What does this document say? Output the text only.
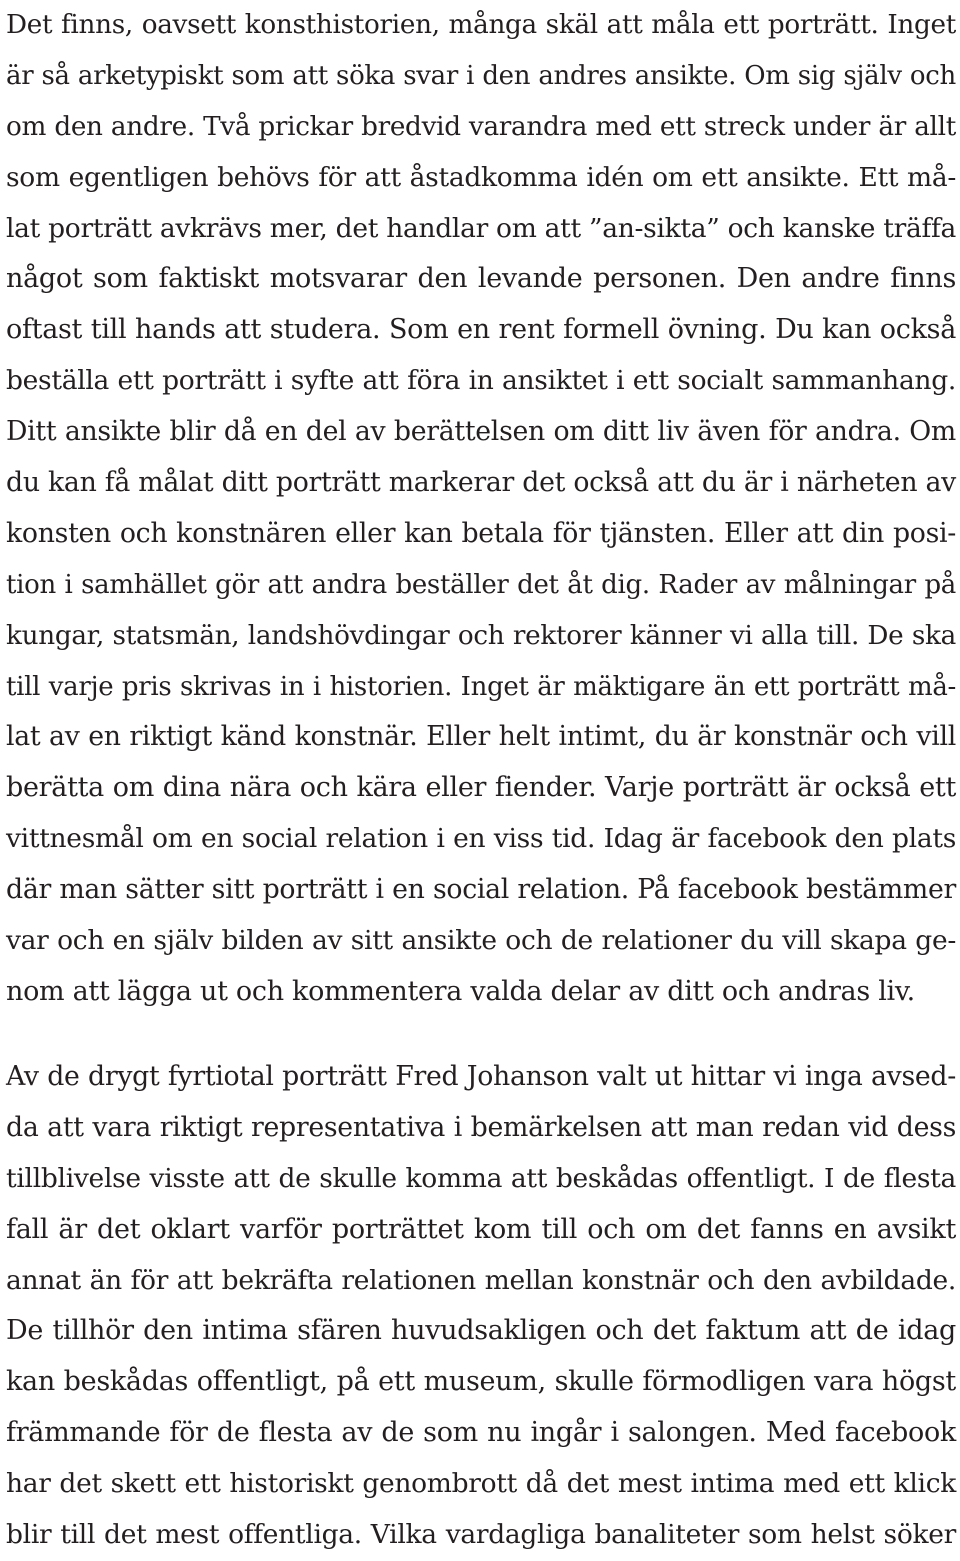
Det finns, oavsett konsthistorien, många skäl att måla ett porträtt. Inget
är så arketypiskt som att söka svar i den andres ansikte. Om sig själv och
om den andre. Två prickar bredvid varandra med ett streck under är allt
som egentligen behövs för att åstadkomma idén om ett ansikte. Ett må-
lat porträtt avkrävs mer, det handlar om att ”an-sikta” och kanske träffa
något som faktiskt motsvarar den levande personen. Den andre finns
oftast till hands att studera. Som en rent formell övning. Du kan också
beställa ett porträtt i syfte att föra in ansiktet i ett socialt sammanhang.
Ditt ansikte blir då en del av berättelsen om ditt liv även för andra. Om
du kan få målat ditt porträtt markerar det också att du är i närheten av
konsten och konstnären eller kan betala för tjänsten. Eller att din posi-
tion i samhället gör att andra beställer det åt dig. Rader av målningar på
kungar, statsmän, landshövdingar och rektorer känner vi alla till. De ska
till varje pris skrivas in i historien. Inget är mäktigare än ett porträtt må-
lat av en riktigt känd konstnär. Eller helt intimt, du är konstnär och vill
berätta om dina nära och kära eller fiender. Varje porträtt är också ett
vittnesmål om en social relation i en viss tid. Idag är facebook den plats
där man sätter sitt porträtt i en social relation. På facebook bestämmer
var och en själv bilden av sitt ansikte och de relationer du vill skapa ge-
nom att lägga ut och kommentera valda delar av ditt och andras liv.
Av de drygt fyrtiotal porträtt Fred Johanson valt ut hittar vi inga avsed-
da att vara riktigt representativa i bemärkelsen att man redan vid dess
tillblivelse visste att de skulle komma att beskådas offentligt. I de flesta
fall är det oklart varför porträttet kom till och om det fanns en avsikt
annat än för att bekräfta relationen mellan konstnär och den avbildade.
De tillhör den intima sfären huvudsakligen och det faktum att de idag
kan beskådas offentligt, på ett museum, skulle förmodligen vara högst
främmande för de flesta av de som nu ingår i salongen. Med facebook
har det skett ett historiskt genombrott då det mest intima med ett klick
blir till det mest offentliga. Vilka vardagliga banaliteter som helst söker
